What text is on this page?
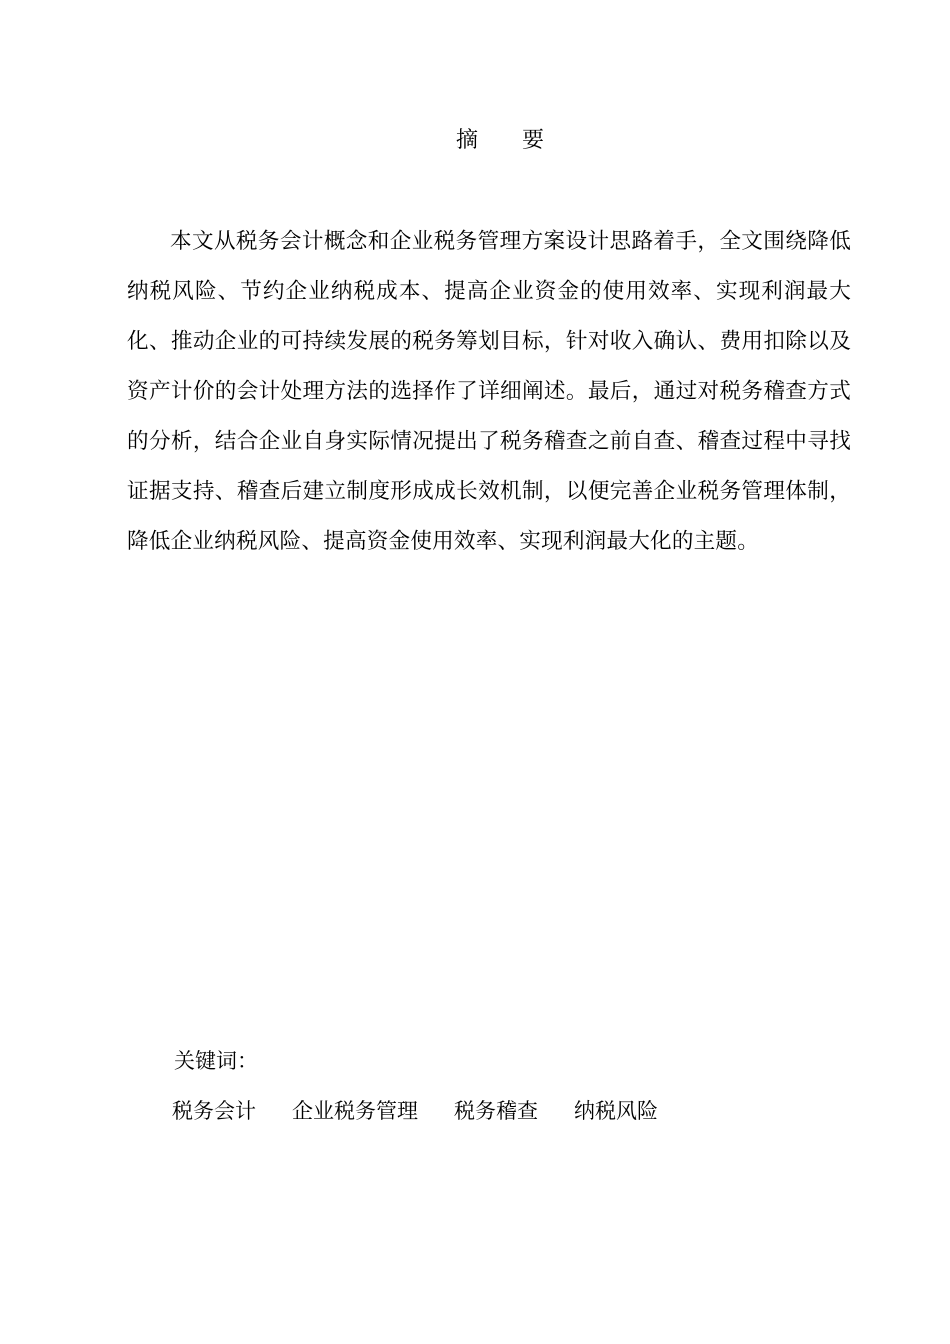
摘 要

本文从税务会计概念和企业税务管理方案设计思路着手，全文围绕降低纳税风险、节约企业纳税成本、提高企业资金的使用效率、实现利润最大化、推动企业的可持续发展的税务筹划目标，针对收入确认、费用扣除以及资产计价的会计处理方法的选择作了详细阐述。最后，通过对税务稽查方式的分析，结合企业自身实际情况提出了税务稽查之前自查、稽查过程中寻找证据支持、稽查后建立制度形成成长效机制，以便完善企业税务管理体制，降低企业纳税风险、提高资金使用效率、实现利润最大化的主题。

关键词：
税务会计 企业税务管理 税务稽查 纳税风险
